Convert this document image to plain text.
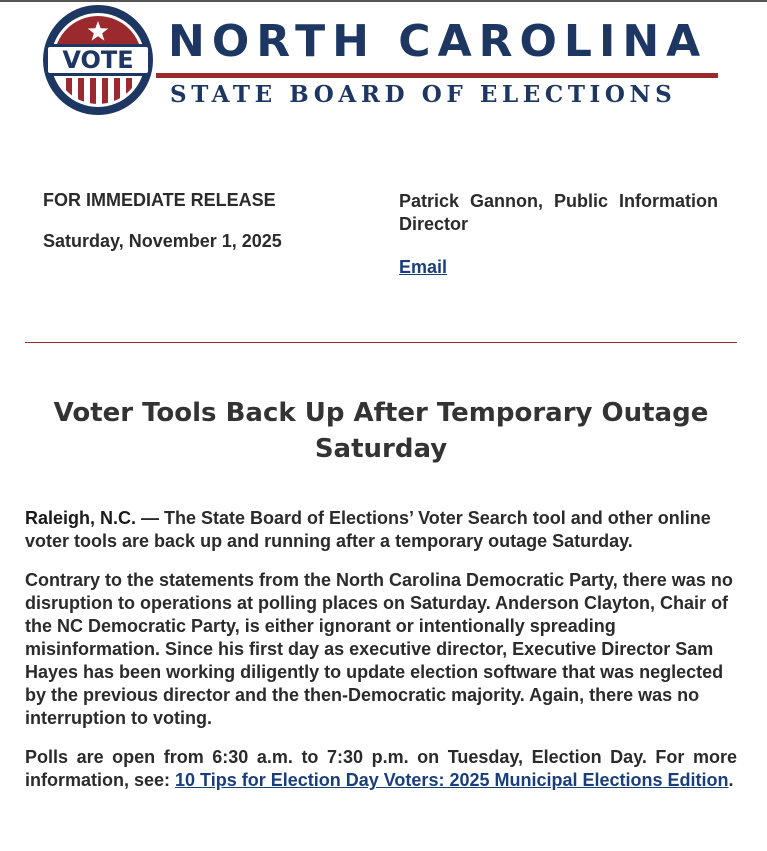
VOTE NORTH CAROLINA
STATE BOARD OF ELECTIONS
FOR IMMEDIATE RELEASE
Saturday, November 1, 2025
Patrick Gannon, Public Information Director
Email
Voter Tools Back Up After Temporary Outage Saturday

Raleigh, N.C. — The State Board of Elections’ Voter Search tool and other online voter tools are back up and running after a temporary outage Saturday.

Contrary to the statements from the North Carolina Democratic Party, there was no disruption to operations at polling places on Saturday. Anderson Clayton, Chair of the NC Democratic Party, is either ignorant or intentionally spreading misinformation. Since his first day as executive director, Executive Director Sam Hayes has been working diligently to update election software that was neglected by the previous director and the then-Democratic majority. Again, there was no interruption to voting.

Polls are open from 6:30 a.m. to 7:30 p.m. on Tuesday, Election Day. For more information, see: 10 Tips for Election Day Voters: 2025 Municipal Elections Edition.
